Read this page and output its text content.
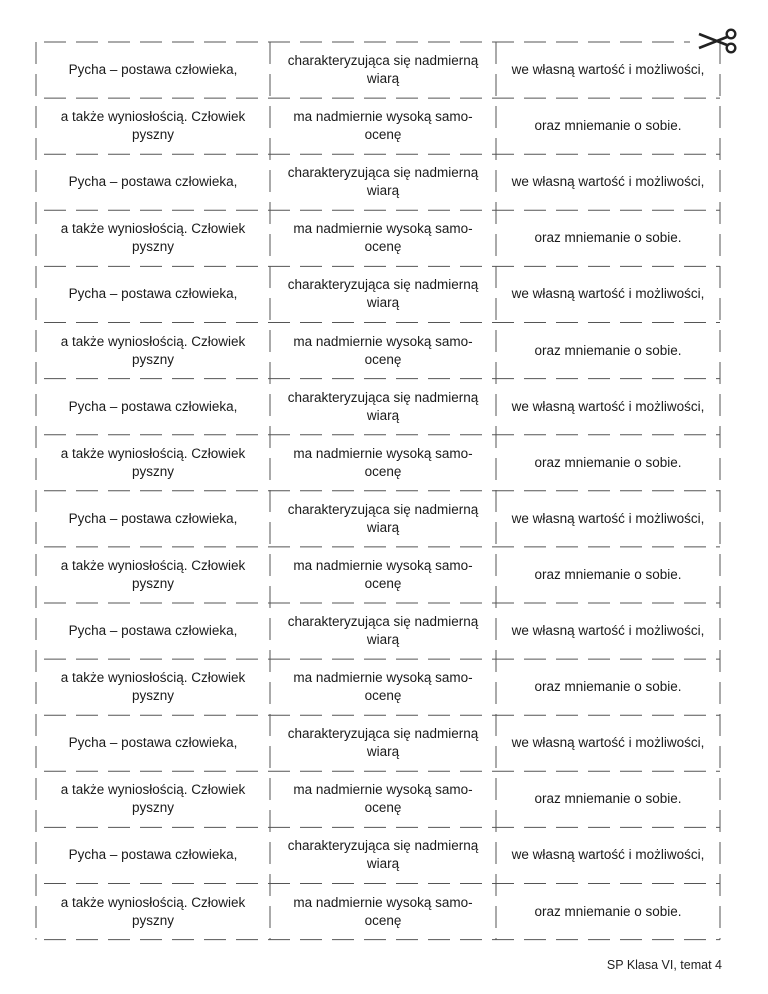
Pycha – postawa człowieka,
charakteryzująca się nadmierną wiarą
we własną wartość i możliwości,
a także wyniosłością. Człowiek pyszny
ma nadmiernie wysoką samo-ocenę
oraz mniemanie o sobie.
Pycha – postawa człowieka,
charakteryzująca się nadmierną wiarą
we własną wartość i możliwości,
a także wyniosłością. Człowiek pyszny
ma nadmiernie wysoką samo-ocenę
oraz mniemanie o sobie.
Pycha – postawa człowieka,
charakteryzująca się nadmierną wiarą
we własną wartość i możliwości,
a także wyniosłością. Człowiek pyszny
ma nadmiernie wysoką samo-ocenę
oraz mniemanie o sobie.
Pycha – postawa człowieka,
charakteryzująca się nadmierną wiarą
we własną wartość i możliwości,
a także wyniosłością. Człowiek pyszny
ma nadmiernie wysoką samo-ocenę
oraz mniemanie o sobie.
Pycha – postawa człowieka,
charakteryzująca się nadmierną wiarą
we własną wartość i możliwości,
a także wyniosłością. Człowiek pyszny
ma nadmiernie wysoką samo-ocenę
oraz mniemanie o sobie.
Pycha – postawa człowieka,
charakteryzująca się nadmierną wiarą
we własną wartość i możliwości,
a także wyniosłością. Człowiek pyszny
ma nadmiernie wysoką samo-ocenę
oraz mniemanie o sobie.
Pycha – postawa człowieka,
charakteryzująca się nadmierną wiarą
we własną wartość i możliwości,
a także wyniosłością. Człowiek pyszny
ma nadmiernie wysoką samo-ocenę
oraz mniemanie o sobie.
Pycha – postawa człowieka,
charakteryzująca się nadmierną wiarą
we własną wartość i możliwości,
a także wyniosłością. Człowiek pyszny
ma nadmiernie wysoką samo-ocenę
oraz mniemanie o sobie.
SP Klasa VI, temat 4
